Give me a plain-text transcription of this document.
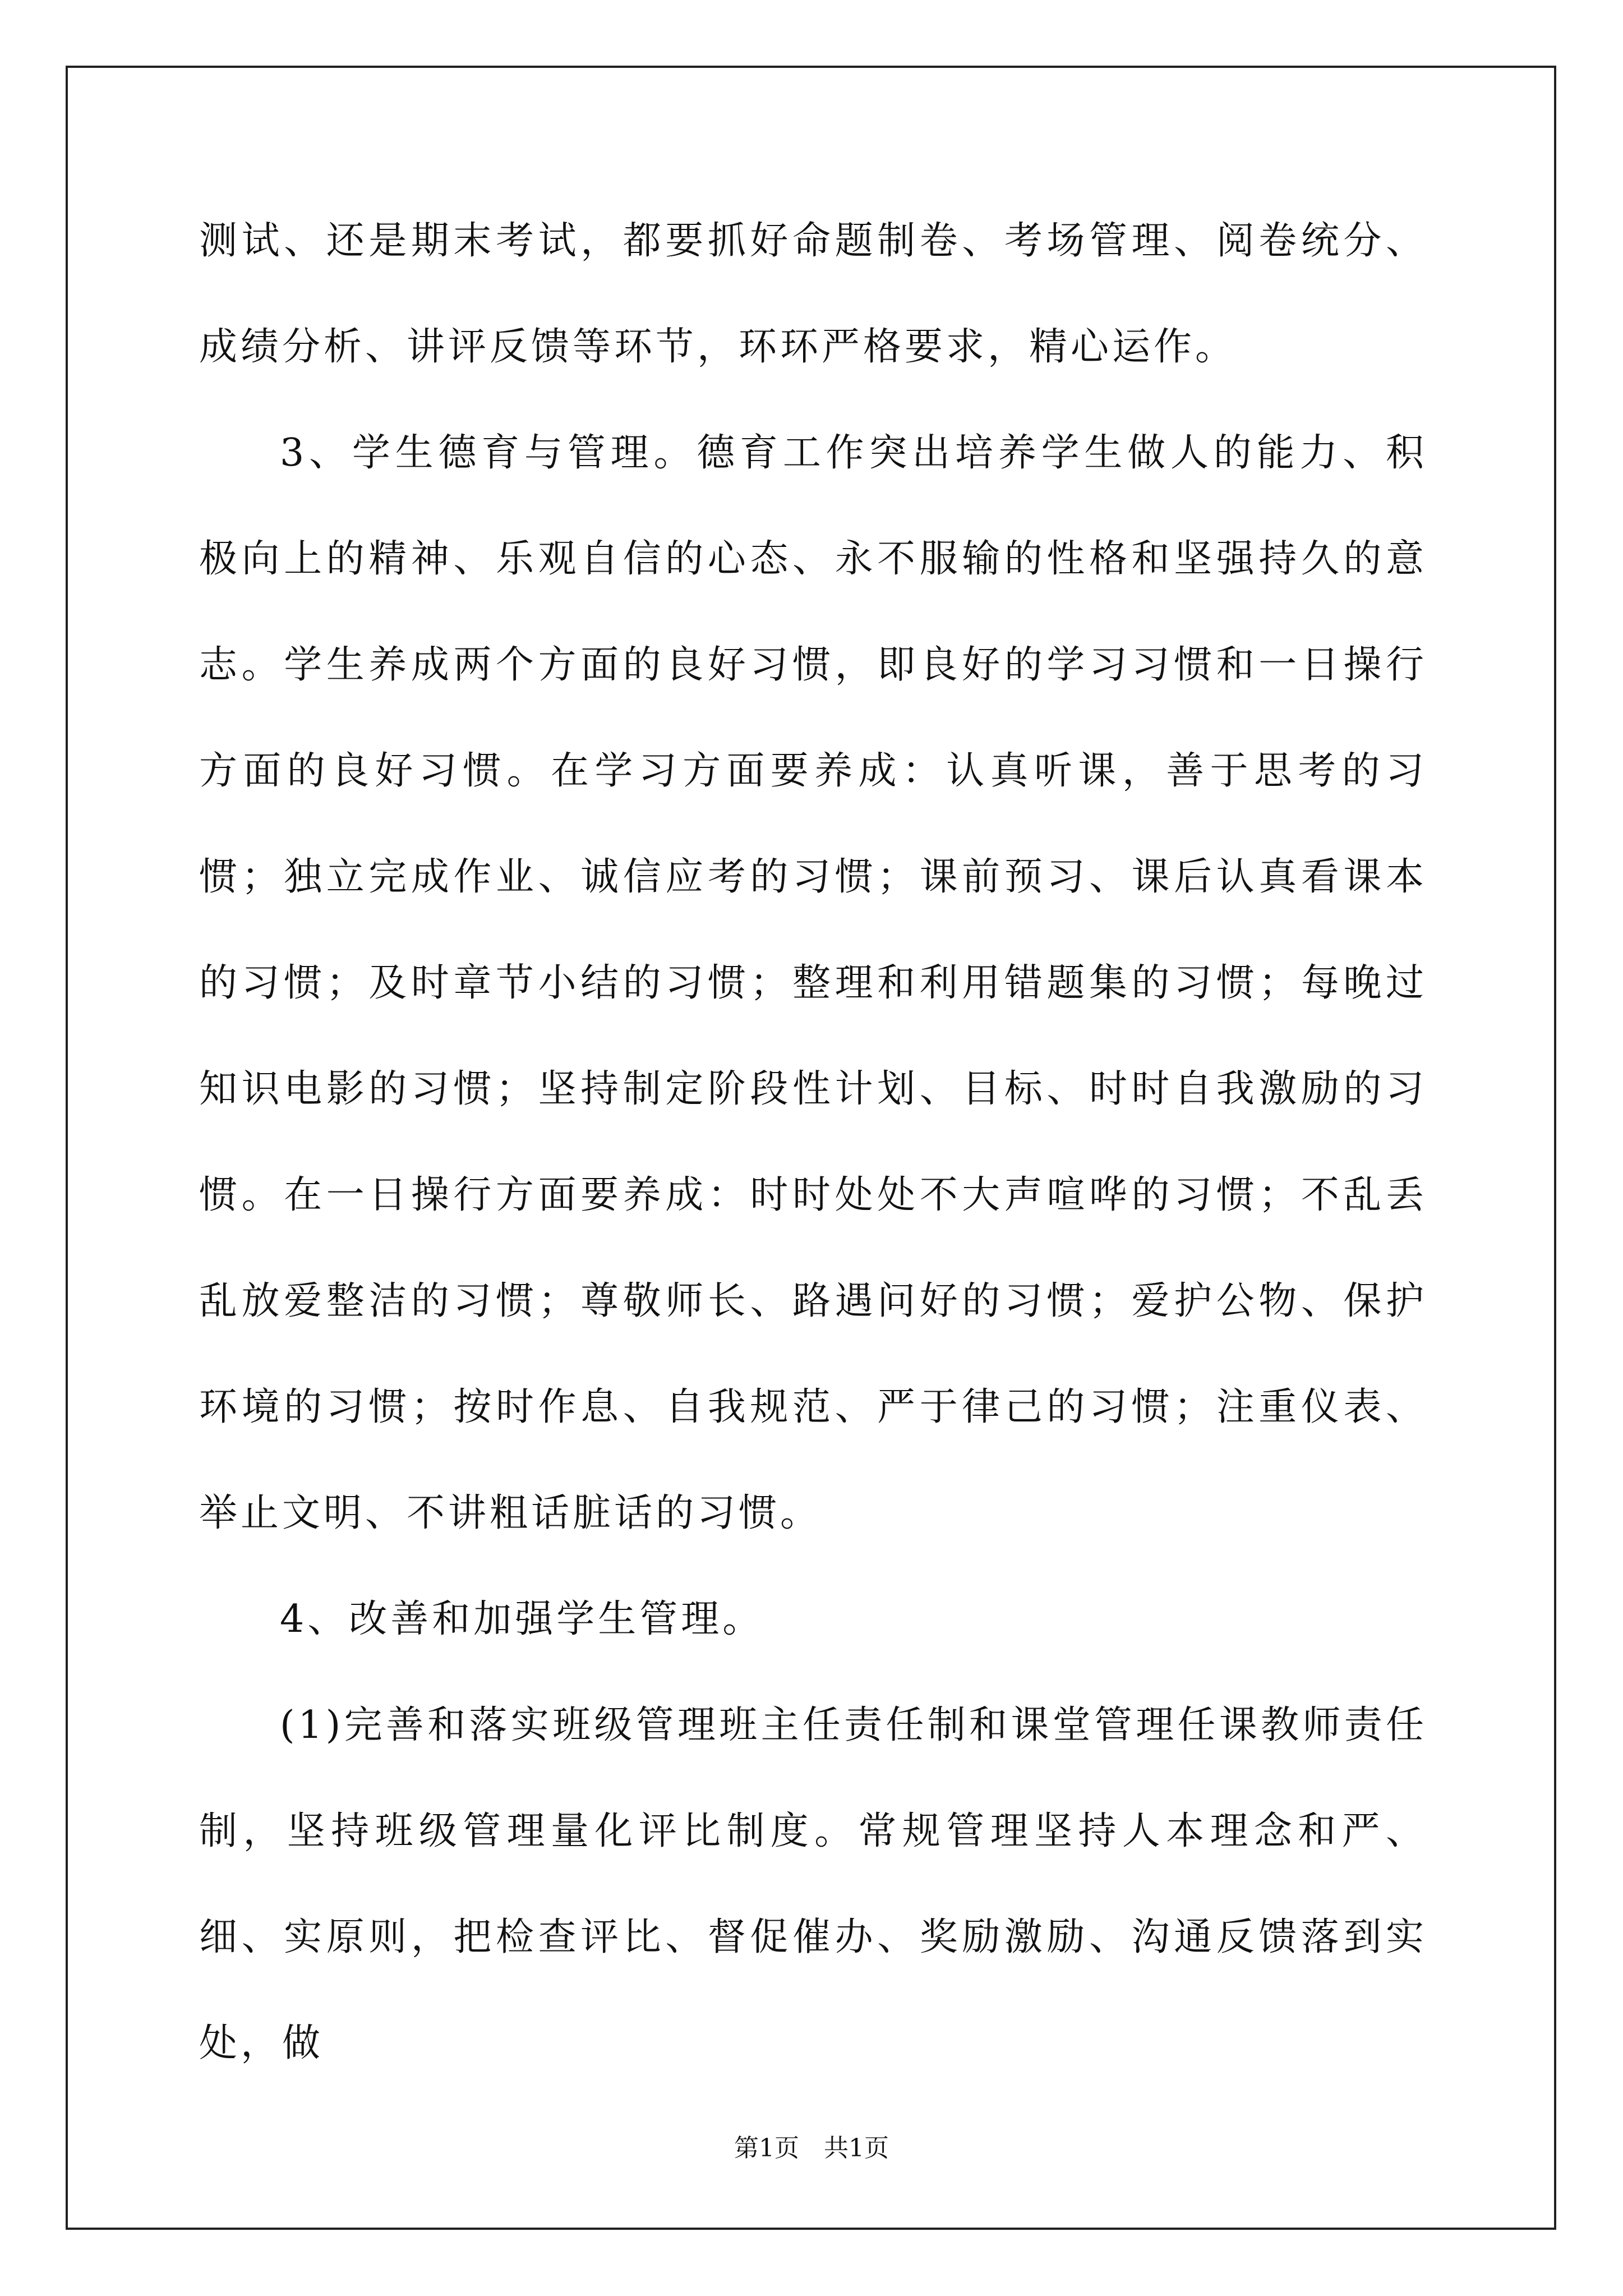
测试、还是期末考试，都要抓好命题制卷、考场管理、阅卷统分、成绩分析、讲评反馈等环节，环环严格要求，精心运作。

3、学生德育与管理。德育工作突出培养学生做人的能力、积极向上的精神、乐观自信的心态、永不服输的性格和坚强持久的意志。学生养成两个方面的良好习惯，即良好的学习习惯和一日操行方面的良好习惯。在学习方面要养成：认真听课，善于思考的习惯；独立完成作业、诚信应考的习惯；课前预习、课后认真看课本的习惯；及时章节小结的习惯；整理和利用错题集的习惯；每晚过知识电影的习惯；坚持制定阶段性计划、目标、时时自我激励的习惯。在一日操行方面要养成：时时处处不大声喧哗的习惯；不乱丢乱放爱整洁的习惯；尊敬师长、路遇问好的习惯；爱护公物、保护环境的习惯；按时作息、自我规范、严于律己的习惯；注重仪表、举止文明、不讲粗话脏话的习惯。

4、改善和加强学生管理。

(1)完善和落实班级管理班主任责任制和课堂管理任课教师责任制，坚持班级管理量化评比制度。常规管理坚持人本理念和严、细、实原则，把检查评比、督促催办、奖励激励、沟通反馈落到实处，做

第1页　共1页
